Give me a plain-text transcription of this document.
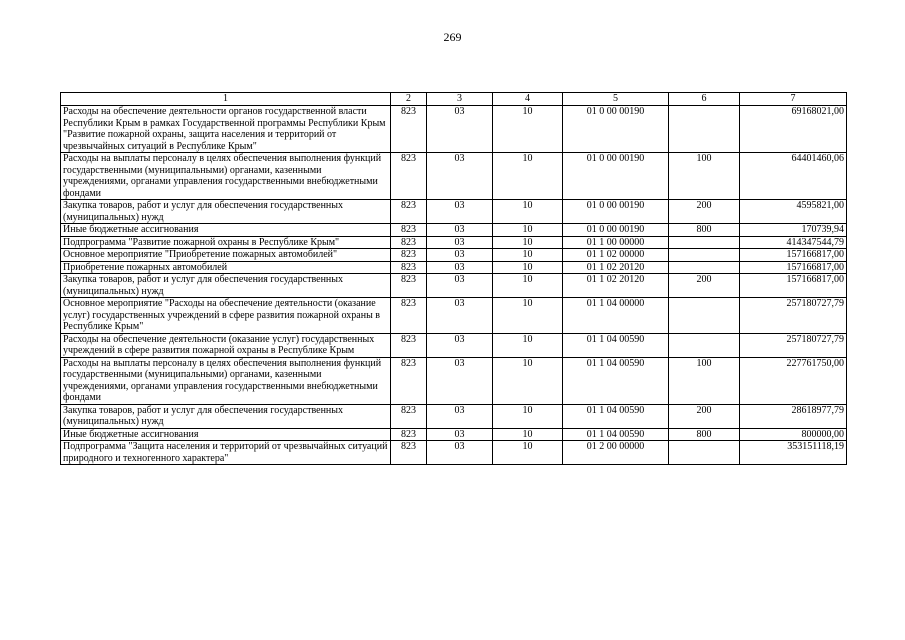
269
1	2	3	4	5	6	7
Расходы на обеспечение деятельности органов государственной власти Республики Крым в рамках Государственной программы Республики Крым "Развитие пожарной охраны, защита населения и территорий от чрезвычайных ситуаций в Республике Крым"	823	03	10	01 0 00 00190		69168021,00
Расходы на выплаты персоналу в целях обеспечения выполнения функций государственными (муниципальными) органами, казенными учреждениями, органами управления государственными внебюджетными фондами	823	03	10	01 0 00 00190	100	64401460,06
Закупка товаров, работ и услуг для обеспечения государственных (муниципальных) нужд	823	03	10	01 0 00 00190	200	4595821,00
Иные бюджетные ассигнования	823	03	10	01 0 00 00190	800	170739,94
Подпрограмма "Развитие пожарной охраны в Республике Крым"	823	03	10	01 1 00 00000		414347544,79
Основное мероприятие "Приобретение пожарных автомобилей"	823	03	10	01 1 02 00000		157166817,00
Приобретение пожарных автомобилей	823	03	10	01 1 02 20120		157166817,00
Закупка товаров, работ и услуг для обеспечения государственных (муниципальных) нужд	823	03	10	01 1 02 20120	200	157166817,00
Основное мероприятие "Расходы на обеспечение деятельности (оказание услуг) государственных учреждений в сфере развития пожарной охраны в Республике Крым"	823	03	10	01 1 04 00000		257180727,79
Расходы на обеспечение деятельности (оказание услуг) государственных учреждений в сфере развития пожарной охраны в Республике Крым	823	03	10	01 1 04 00590		257180727,79
Расходы на выплаты персоналу в целях обеспечения выполнения функций государственными (муниципальными) органами, казенными учреждениями, органами управления государственными внебюджетными фондами	823	03	10	01 1 04 00590	100	227761750,00
Закупка товаров, работ и услуг для обеспечения государственных (муниципальных) нужд	823	03	10	01 1 04 00590	200	28618977,79
Иные бюджетные ассигнования	823	03	10	01 1 04 00590	800	800000,00
Подпрограмма "Защита населения и территорий от чрезвычайных ситуаций природного и техногенного характера"	823	03	10	01 2 00 00000		353151118,19
